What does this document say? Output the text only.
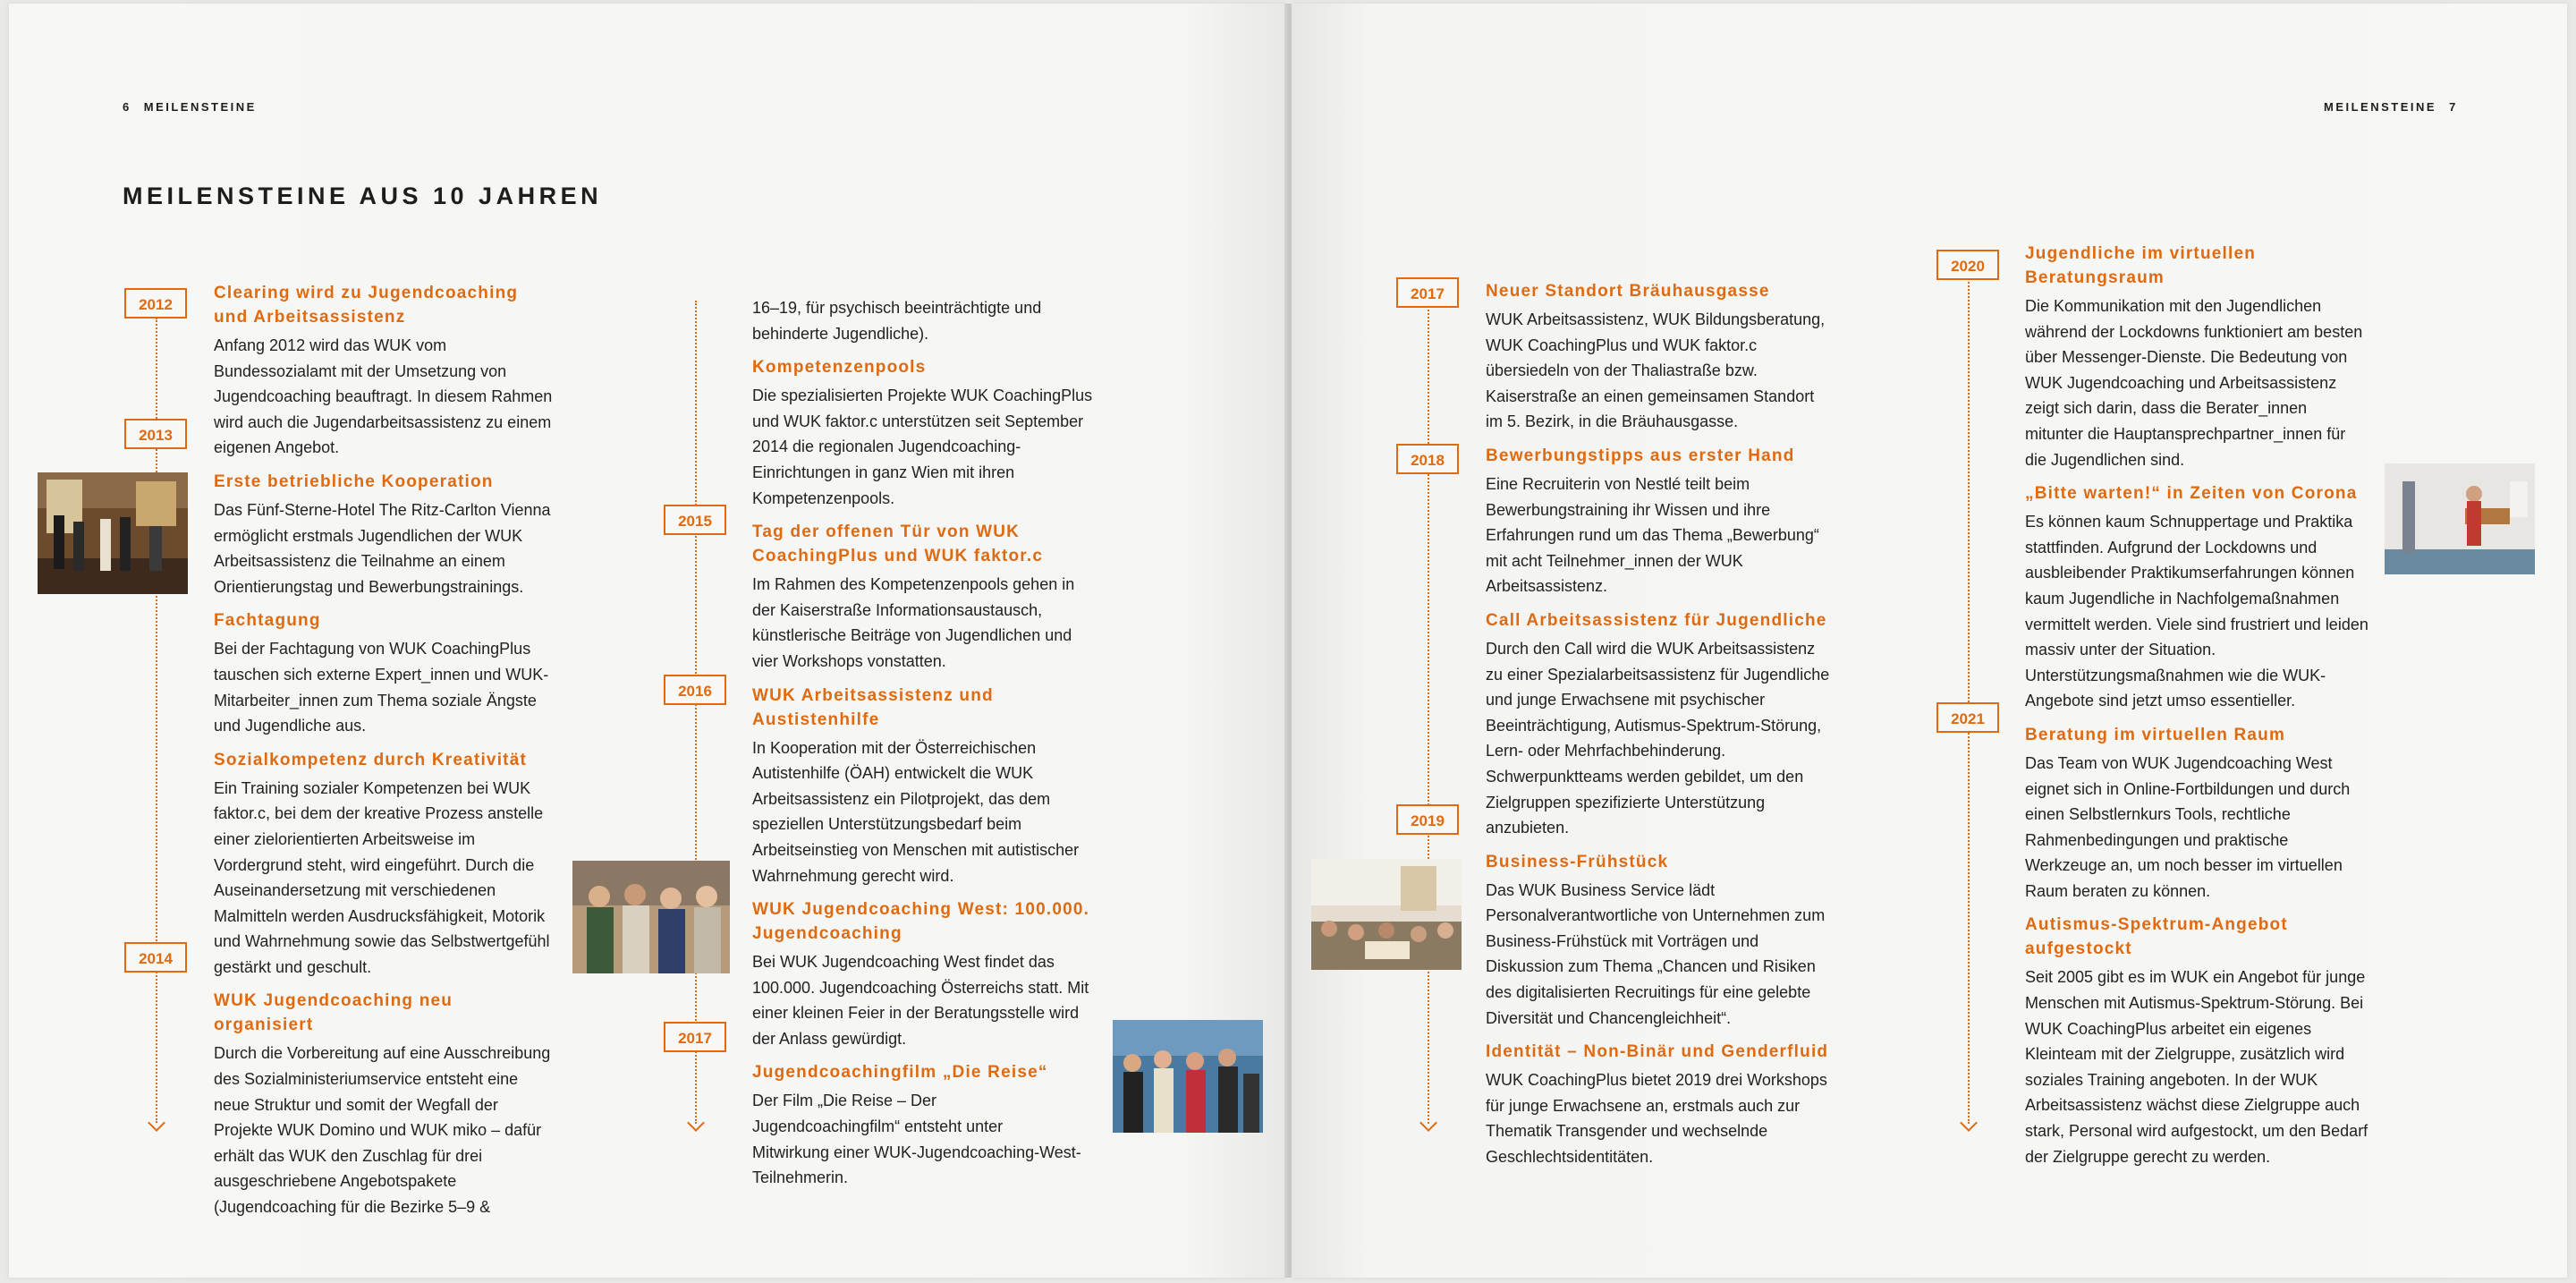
6 MEILENSTEINE	MEILENSTEINE 7
MEILENSTEINE AUS 10 JAHREN
2012
2013
2014
2015
2016
2017
2017
2018
2019
2020
2021
Clearing wird zu Jugendcoaching und Arbeitsassistenz
Anfang 2012 wird das WUK vom Bundessozialamt mit der Umsetzung von Jugendcoaching beauftragt. In diesem Rahmen wird auch die Jugendarbeitsassistenz zu einem eigenen Angebot.
Erste betriebliche Kooperation
Das Fünf-Sterne-Hotel The Ritz-Carlton Vienna ermöglicht erstmals Jugendlichen der WUK Arbeitsassistenz die Teilnahme an einem Orientierungstag und Bewerbungstrainings.
Fachtagung
Bei der Fachtagung von WUK CoachingPlus tauschen sich externe Expert_innen und WUK-Mitarbeiter_innen zum Thema soziale Ängste und Jugendliche aus.
Sozialkompetenz durch Kreativität
Ein Training sozialer Kompetenzen bei WUK faktor.c, bei dem der kreative Prozess anstelle einer zielorientierten Arbeitsweise im Vordergrund steht, wird eingeführt. Durch die Auseinandersetzung mit verschiedenen Malmitteln werden Ausdrucksfähigkeit, Motorik und Wahrnehmung sowie das Selbstwertgefühl gestärkt und geschult.
WUK Jugendcoaching neu organisiert
Durch die Vorbereitung auf eine Ausschreibung des Sozialministeriumservice entsteht eine neue Struktur und somit der Wegfall der Projekte WUK Domino und WUK miko – dafür erhält das WUK den Zuschlag für drei ausgeschriebene Angebotspakete (Jugendcoaching für die Bezirke 5–9 &
16–19, für psychisch beeinträchtigte und behinderte Jugendliche).
Kompetenzenpools
Die spezialisierten Projekte WUK CoachingPlus und WUK faktor.c unterstützen seit September 2014 die regionalen Jugendcoaching-Einrichtungen in ganz Wien mit ihren Kompetenzenpools.
Tag der offenen Tür von WUK CoachingPlus und WUK faktor.c
Im Rahmen des Kompetenzenpools gehen in der Kaiserstraße Informationsaustausch, künstlerische Beiträge von Jugendlichen und vier Workshops vonstatten.
WUK Arbeitsassistenz und Austistenhilfe
In Kooperation mit der Österreichischen Autistenhilfe (ÖAH) entwickelt die WUK Arbeitsassistenz ein Pilotprojekt, das dem speziellen Unterstützungsbedarf beim Arbeitseinstieg von Menschen mit autistischer Wahrnehmung gerecht wird.
WUK Jugendcoaching West: 100.000. Jugendcoaching
Bei WUK Jugendcoaching West findet das 100.000. Jugendcoaching Österreichs statt. Mit einer kleinen Feier in der Beratungsstelle wird der Anlass gewürdigt.
Jugendcoachingfilm „Die Reise“
Der Film „Die Reise – Der Jugendcoachingfilm“ entsteht unter Mitwirkung einer WUK-Jugendcoaching-West-Teilnehmerin.
Neuer Standort Bräuhausgasse
WUK Arbeitsassistenz, WUK Bildungsberatung, WUK CoachingPlus und WUK faktor.c übersiedeln von der Thaliastraße bzw. Kaiserstraße an einen gemeinsamen Standort im 5. Bezirk, in die Bräuhausgasse.
Bewerbungstipps aus erster Hand
Eine Recruiterin von Nestlé teilt beim Bewerbungstraining ihr Wissen und ihre Erfahrungen rund um das Thema „Bewerbung“ mit acht Teilnehmer_innen der WUK Arbeitsassistenz.
Call Arbeitsassistenz für Jugendliche
Durch den Call wird die WUK Arbeitsassistenz zu einer Spezialarbeitsassistenz für Jugendliche und junge Erwachsene mit psychischer Beeinträchtigung, Autismus-Spektrum-Störung, Lern- oder Mehrfachbehinderung. Schwerpunktteams werden gebildet, um den Zielgruppen spezifizierte Unterstützung anzubieten.
Business-Frühstück
Das WUK Business Service lädt Personalverantwortliche von Unternehmen zum Business-Frühstück mit Vorträgen und Diskussion zum Thema „Chancen und Risiken des digitalisierten Recruitings für eine gelebte Diversität und Chancengleichheit“.
Identität – Non-Binär und Genderfluid
WUK CoachingPlus bietet 2019 drei Workshops für junge Erwachsene an, erstmals auch zur Thematik Transgender und wechselnde Geschlechtsidentitäten.
Jugendliche im virtuellen Beratungsraum
Die Kommunikation mit den Jugendlichen während der Lockdowns funktioniert am besten über Messenger-Dienste. Die Bedeutung von WUK Jugendcoaching und Arbeitsassistenz zeigt sich darin, dass die Berater_innen mitunter die Hauptansprechpartner_innen für die Jugendlichen sind.
„Bitte warten!“ in Zeiten von Corona
Es können kaum Schnuppertage und Praktika stattfinden. Aufgrund der Lockdowns und ausbleibender Praktikumserfahrungen können kaum Jugendliche in Nachfolgemaßnahmen vermittelt werden. Viele sind frustriert und leiden massiv unter der Situation. Unterstützungsmaßnahmen wie die WUK-Angebote sind jetzt umso essentieller.
Beratung im virtuellen Raum
Das Team von WUK Jugendcoaching West eignet sich in Online-Fortbildungen und durch einen Selbstlernkurs Tools, rechtliche Rahmenbedingungen und praktische Werkzeuge an, um noch besser im virtuellen Raum beraten zu können.
Autismus-Spektrum-Angebot aufgestockt
Seit 2005 gibt es im WUK ein Angebot für junge Menschen mit Autismus-Spektrum-Störung. Bei WUK CoachingPlus arbeitet ein eigenes Kleinteam mit der Zielgruppe, zusätzlich wird soziales Training angeboten. In der WUK Arbeitsassistenz wächst diese Zielgruppe auch stark, Personal wird aufgestockt, um den Bedarf der Zielgruppe gerecht zu werden.
